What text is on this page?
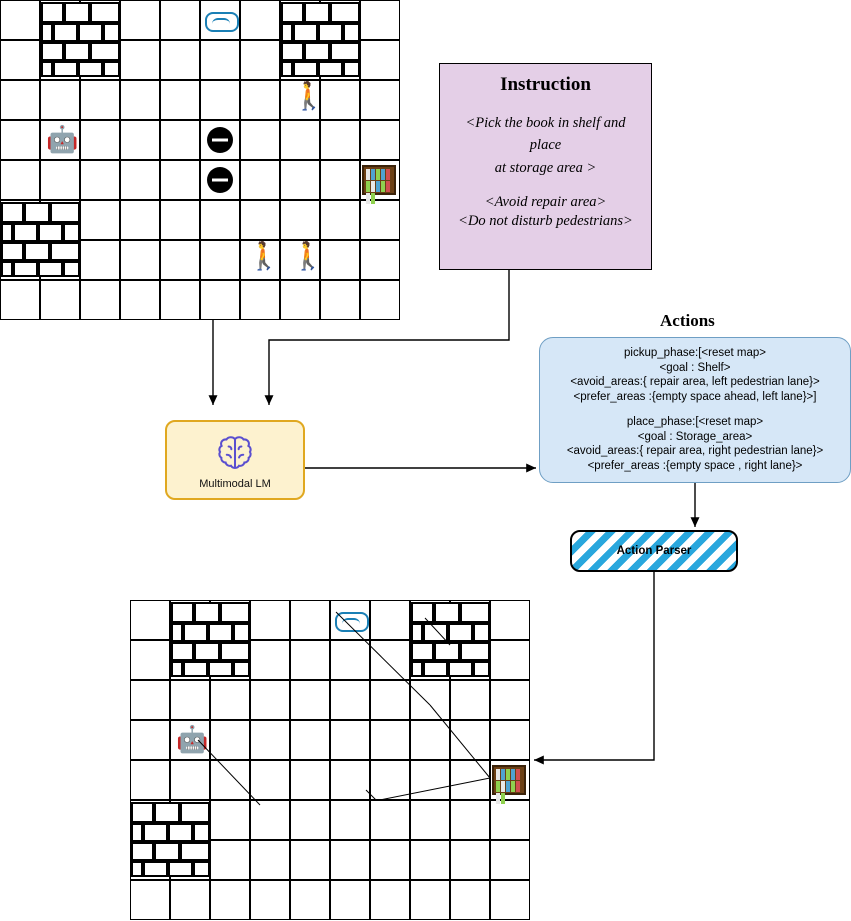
🚶
🤖
🚶 🚶
Instruction
<Pick the book in shelf and place
at storage area >
<Avoid repair area>
<Do not disturb pedestrians>
Actions
pickup_phase:[<reset map>
<goal : Shelf>
<avoid_areas:{ repair area, left pedestrian lane}>
<prefer_areas :{empty space ahead, left lane}>]
place_phase:[<reset map>
<goal : Storage_area>
<avoid_areas:{ repair area, right pedestrian lane}>
<prefer_areas :{empty space , right lane}>
Multimodal LM
Action Parser
🤖
